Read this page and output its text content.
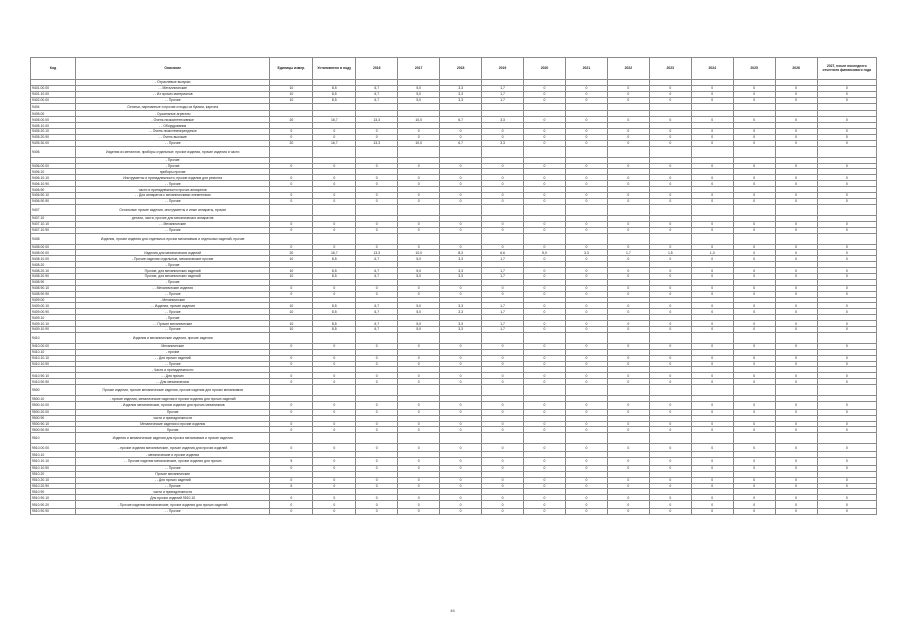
Код	Описание	Единицы измер.	Установлено в ноду	2016	2017	2018	2019	2020	2021	2022	2023	2024	2025	2026	2027, после последнего отчетного финансового года
	- Отраслевые выпуски														
9401.00.00	- - Металлические	10	8,5	6,7	5,0	3,3	1,7	0	0	0	0	0	0	0	0
9401.10.00	- - Из прочих материалов	10	8,5	6,7	5,0	3,3	1,7	0	0	0	0	0	0	0	0
9402.00.00	- - Прочие	10	8,5	6,7	5,0	3,3	1,7	0	0	0	0	0	0	0	0
9404	Остатки, нарезанные и прочие отходы из бумаги, картона														
9405.00	- Сушильные агрегаты														
9405.00.00	- Очень низкоинтенсивные	20	16,7	13,3	10,0	6,7	3,3	0	0	0	0	0	0	0	0
9405.10.00	- - Оборудования														
9405.20.10	- - Очень низкотемпературные	0	0	0	0	0	0	0	0	0	0	0	0	0	0
9405.20.90	- - Очень высокие	0	0	0	0	0	0	0	0	0	0	0	0	0	0
9405.30.00	- - Прочие	20	16,7	13,3	10,0	6,7	3,3	0	0	0	0	0	0	0	0
9406	Изделия из металлов, приборы отдельные; прочие изделия, прочие изделия и части														
	- Прочие														
9406.00.00	- Прочие	0	0	0	0	0	0	0	0	0	0	0	0	0	0
9406.10	приборы прочие														
9406.10.10	Инструменты и принадлежности, прочие изделия для ремонта	0	0	0	0	0	0	0	0	0	0	0	0	0	0
9406.10.90	- - Прочие	0	0	0	0	0	0	0	0	0	0	0	0	0	0
9406.90	части и принадлежности прочих аппаратов														
9406.90.10	- - Для аппаратов с механическими элементами	0	0	0	0	0	0	0	0	0	0	0	0	0	0
9406.90.90	- - Прочие	0	0	0	0	0	0	0	0	0	0	0	0	0	0
9407	Остальные прочие изделия, инструменты и иные аппараты, прочие														
9407.10	детали, части, прочие для механических аппаратов														
9407.10.10	- - Механические	0	0	0	0	0	0	0	0	0	0	0	0	0	0
9407.10.90	- - Прочие	0	0	0	0	0	0	0	0	0	0	0	0	0	0
9408	Изделия, прочие изделия для отдельных прочих механизмов и отдельных изделий, прочие														
9408.00.00		0	0	0	0	0	0	0	0	0	0	0	0	0	0
9408.00.00	Изделия для механических изделий	20	16,7	13,3	10,0	8,3	6,6	5,0	3,3	1,7	1,5	1,3	0	0	0
9408.10.00	- Прочие изделия отдельные, механические прочие	10	8,5	6,7	5,0	3,3	1,7	0	0	0	0	0	0	0	0
9408.20	- Прочие														
9408.20.10	Прочие, для механических изделий	10	8,5	6,7	5,0	3,3	1,7	0	0	0	0	0	0	0	0
9408.20.90	Прочие, для механических изделий	10	8,5	6,7	5,0	3,3	1,7	0	0	0	0	0	0	0	0
9408.90	- Прочие														
9408.90.10	- - Механические изделия	0	0	0	0	0	0	0	0	0	0	0	0	0	0
9408.90.90	- - Прочие	0	0	0	0	0	0	0	0	0	0	0	0	0	0
9409.00	- Механические														
9409.00.10	- - Изделия, прочие изделия	10	8,5	6,7	5,0	3,3	1,7	0	0	0	0	0	0	0	0
9409.00.90	- - Прочие	10	8,5	6,7	5,0	3,3	1,7	0	0	0	0	0	0	0	0
9409.10	- Прочие														
9409.10.10	- - Прочие механические	10	8,5	6,7	5,0	3,3	1,7	0	0	0	0	0	0	0	0
9409.10.90	- - Прочие	10	8,5	6,7	5,0	3,3	1,7	0	0	0	0	0	0	0	0
9410	Изделия и механические изделия, прочие изделия														
9410.00.00	Механические	0	0	0	0	0	0	0	0	0	0	0	0	0	0
9410.10	- прочие														
9410.10.10	- - Для прочих изделий	0	0	0	0	0	0	0	0	0	0	0	0	0	0
9410.10.90	- - Прочие	0	0	0	0	0	0	0	0	0	0	0	0	0	0
	- Части и принадлежности														
9410.90.10	- - Для прочих	0	0	0	0	0	0	0	0	0	0	0	0	0	0
9410.90.90	- - Для механических	0	0	0	0	0	0	0	0	0	0	0	0	0	0
9500	Прочие изделия, прочие механические изделия, прочие изделия для прочих механизмов														
9500.10	- прочие изделия, механические изделия и прочие изделия для прочих изделий														
9500.10.00	- Изделия механические, прочие изделия для прочих механизмов	0	0	0	0	0	0	0	0	0	0	0	0	0	0
9500.20.00	Прочие	0	0	0	0	0	0	0	0	0	0	0	0	0	0
9500.90	части и принадлежности														
9500.90.10	Механические изделия и прочие изделия	0	0	0	0	0	0	0	0	0	0	0	0	0	0
9500.90.90	Прочие	0	0	0	0	0	0	0	0	0	0	0	0	0	0
9510	Изделия и механические изделия для прочих механизмов и прочие изделия														
9510.00.00	- прочие изделия механические, прочие изделия для прочих изделий	0	0	0	0	0	0	0	0	0	0	0	0	0	0
9510.10	- механические и прочие изделия														
9510.10.10	- - Прочие изделия механические, прочие изделия для прочих	5	0	0	0	0	0	0	0	0	0	0	0	0	0
9510.10.90	- - Прочие	0	0	0	0	0	0	0	0	0	0	0	0	0	0
9510.20	Прочие механические														
9510.20.10	- - Для прочих изделий	0	0	0	0	0	0	0	0	0	0	0	0	0	0
9510.20.90	- - Прочие	5	0	0	0	0	0	0	0	0	0	0	0	0	0
9510.90	части и принадлежности														
9510.90.10	Для прочих изделий 9510.10	0	0	0	0	0	0	0	0	0	0	0	0	0	0
9510.90.20	- Прочие изделия механические, прочие изделия для прочих изделий	0	0	0	0	0	0	0	0	0	0	0	0	0	0
9510.90.90	- - Прочие	0	0	0	0	0	0	0	0	0	0	0	0	0	0
46
